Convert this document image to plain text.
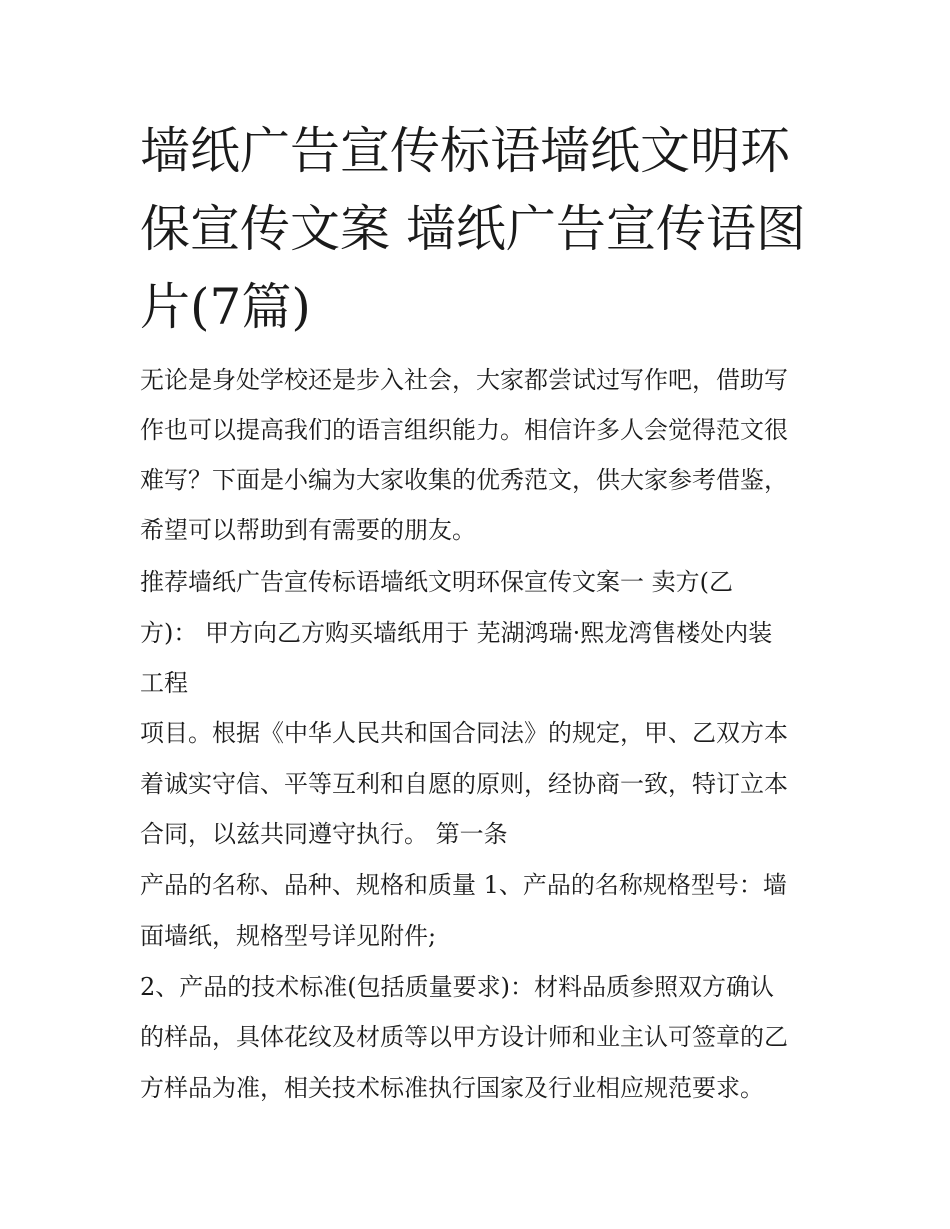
墙纸广告宣传标语墙纸文明环保宣传文案 墙纸广告宣传语图片(7篇)

无论是身处学校还是步入社会，大家都尝试过写作吧，借助写

作也可以提高我们的语言组织能力。相信许多人会觉得范文很

难写？下面是小编为大家收集的优秀范文，供大家参考借鉴，

希望可以帮助到有需要的朋友。

推荐墙纸广告宣传标语墙纸文明环保宣传文案一 卖方(乙

方)： 甲方向乙方购买墙纸用于 芜湖鸿瑞·熙龙湾售楼处内装

工程

项目。根据《中华人民共和国合同法》的规定，甲、乙双方本

着诚实守信、平等互利和自愿的原则，经协商一致，特订立本

合同，以兹共同遵守执行。 第一条

产品的名称、品种、规格和质量 1、产品的名称规格型号：墙

面墙纸，规格型号详见附件;

2、产品的技术标准(包括质量要求)：材料品质参照双方确认

的样品，具体花纹及材质等以甲方设计师和业主认可签章的乙

方样品为准，相关技术标准执行国家及行业相应规范要求。
